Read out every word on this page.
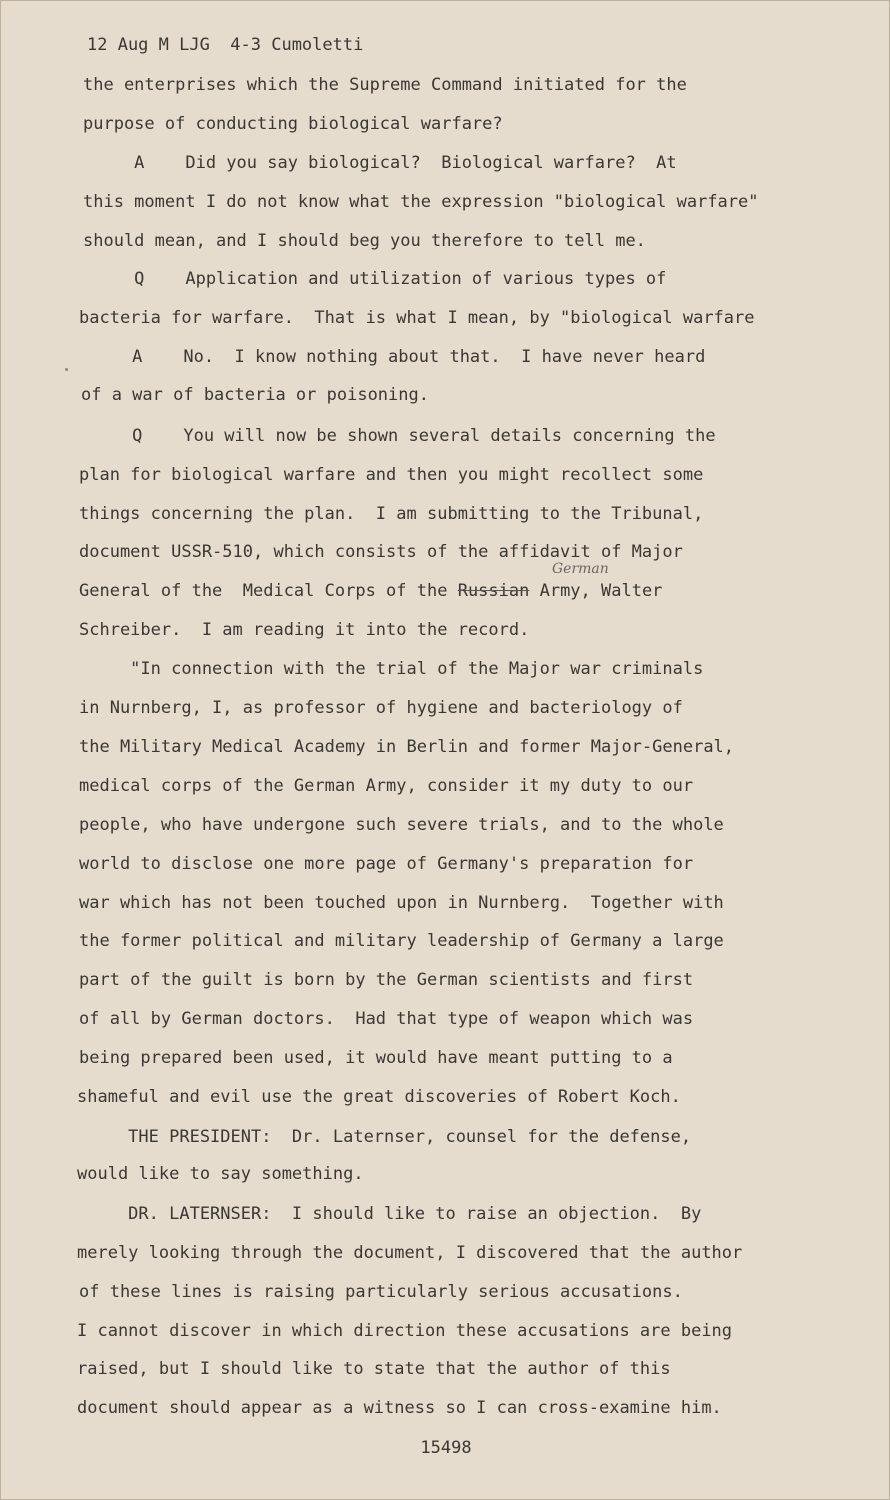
12 Aug M LJG  4-3 Cumoletti
the enterprises which the Supreme Command initiated for the
purpose of conducting biological warfare?
A    Did you say biological?  Biological warfare?  At
this moment I do not know what the expression "biological warfare"
should mean, and I should beg you therefore to tell me.
Q    Application and utilization of various types of
bacteria for warfare.  That is what I mean, by "biological warfare
A    No.  I know nothing about that.  I have never heard
of a war of bacteria or poisoning.
Q    You will now be shown several details concerning the
plan for biological warfare and then you might recollect some
things concerning the plan.  I am submitting to the Tribunal,
document USSR-510, which consists of the affidavit of Major
General of the  Medical Corps of the Russian Army, Walter
German
Schreiber.  I am reading it into the record.
"In connection with the trial of the Major war criminals
in Nurnberg, I, as professor of hygiene and bacteriology of
the Military Medical Academy in Berlin and former Major-General,
medical corps of the German Army, consider it my duty to our
people, who have undergone such severe trials, and to the whole
world to disclose one more page of Germany's preparation for
war which has not been touched upon in Nurnberg.  Together with
the former political and military leadership of Germany a large
part of the guilt is born by the German scientists and first
of all by German doctors.  Had that type of weapon which was
being prepared been used, it would have meant putting to a
shameful and evil use the great discoveries of Robert Koch.
THE PRESIDENT:  Dr. Laternser, counsel for the defense,
would like to say something.
DR. LATERNSER:  I should like to raise an objection.  By
merely looking through the document, I discovered that the author
of these lines is raising particularly serious accusations.
I cannot discover in which direction these accusations are being
raised, but I should like to state that the author of this
document should appear as a witness so I can cross-examine him.
15498
